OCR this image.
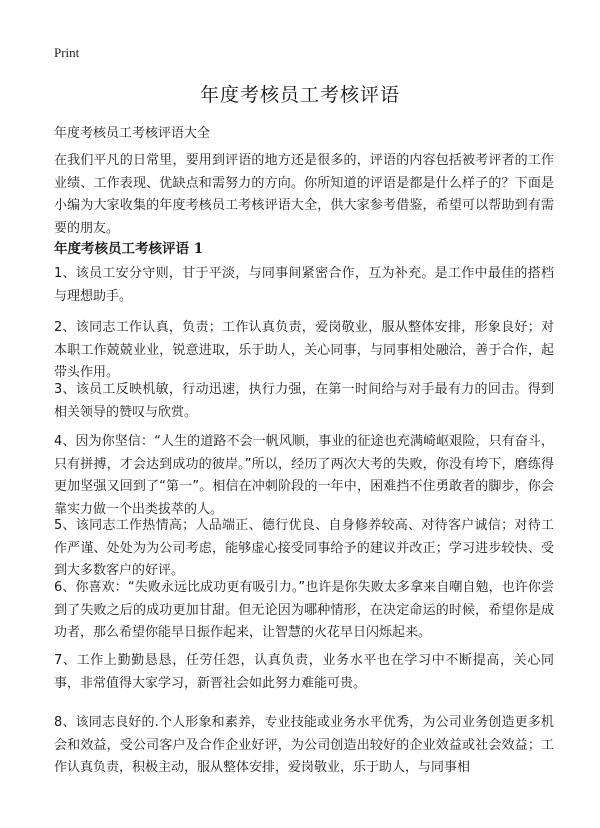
Print
年度考核员工考核评语
年度考核员工考核评语大全
在我们平凡的日常里，要用到评语的地方还是很多的，评语的内容包括被考评者的工作业绩、工作表现、优缺点和需努力的方向。你所知道的评语是都是什么样子的？下面是小编为大家收集的年度考核员工考核评语大全，供大家参考借鉴，希望可以帮助到有需要的朋友。
年度考核员工考核评语 1
1、该员工安分守则，甘于平淡，与同事间紧密合作，互为补充。是工作中最佳的搭档与理想助手。
2、该同志工作认真，负责；工作认真负责，爱岗敬业，服从整体安排，形象良好；对本职工作兢兢业业，锐意进取，乐于助人，关心同事，与同事相处融洽，善于合作，起带头作用。
3、该员工反映机敏，行动迅速，执行力强，在第一时间给与对手最有力的回击。得到相关领导的赞叹与欣赏。
4、因为你坚信：“人生的道路不会一帆风顺，事业的征途也充满崎岖艰险，只有奋斗，只有拼搏，才会达到成功的彼岸。”所以，经历了两次大考的失败，你没有垮下，磨练得更加坚强又回到了“第一”。相信在冲刺阶段的一年中，困难挡不住勇敢者的脚步，你会靠实力做一个出类拔萃的人。
5、该同志工作热情高；人品端正、德行优良、自身修养较高、对待客户诚信；对待工作严谨、处处为为公司考虑，能够虚心接受同事给予的建议并改正；学习进步较快、受到大多数客户的好评。
6、你喜欢：“失败永远比成功更有吸引力。”也许是你失败太多拿来自嘲自勉，也许你尝到了失败之后的成功更加甘甜。但无论因为哪种情形，在决定命运的时候，希望你是成功者，那么希望你能早日振作起来，让智慧的火花早日闪烁起来。
7、工作上勤勤恳恳，任劳任怨，认真负责，业务水平也在学习中不断提高，关心同事，非常值得大家学习，新晋社会如此努力难能可贵。
8、该同志良好的.个人形象和素养，专业技能或业务水平优秀，为公司业务创造更多机会和效益，受公司客户及合作企业好评，为公司创造出较好的企业效益或社会效益；工作认真负责，积极主动，服从整体安排，爱岗敬业，乐于助人，与同事相
